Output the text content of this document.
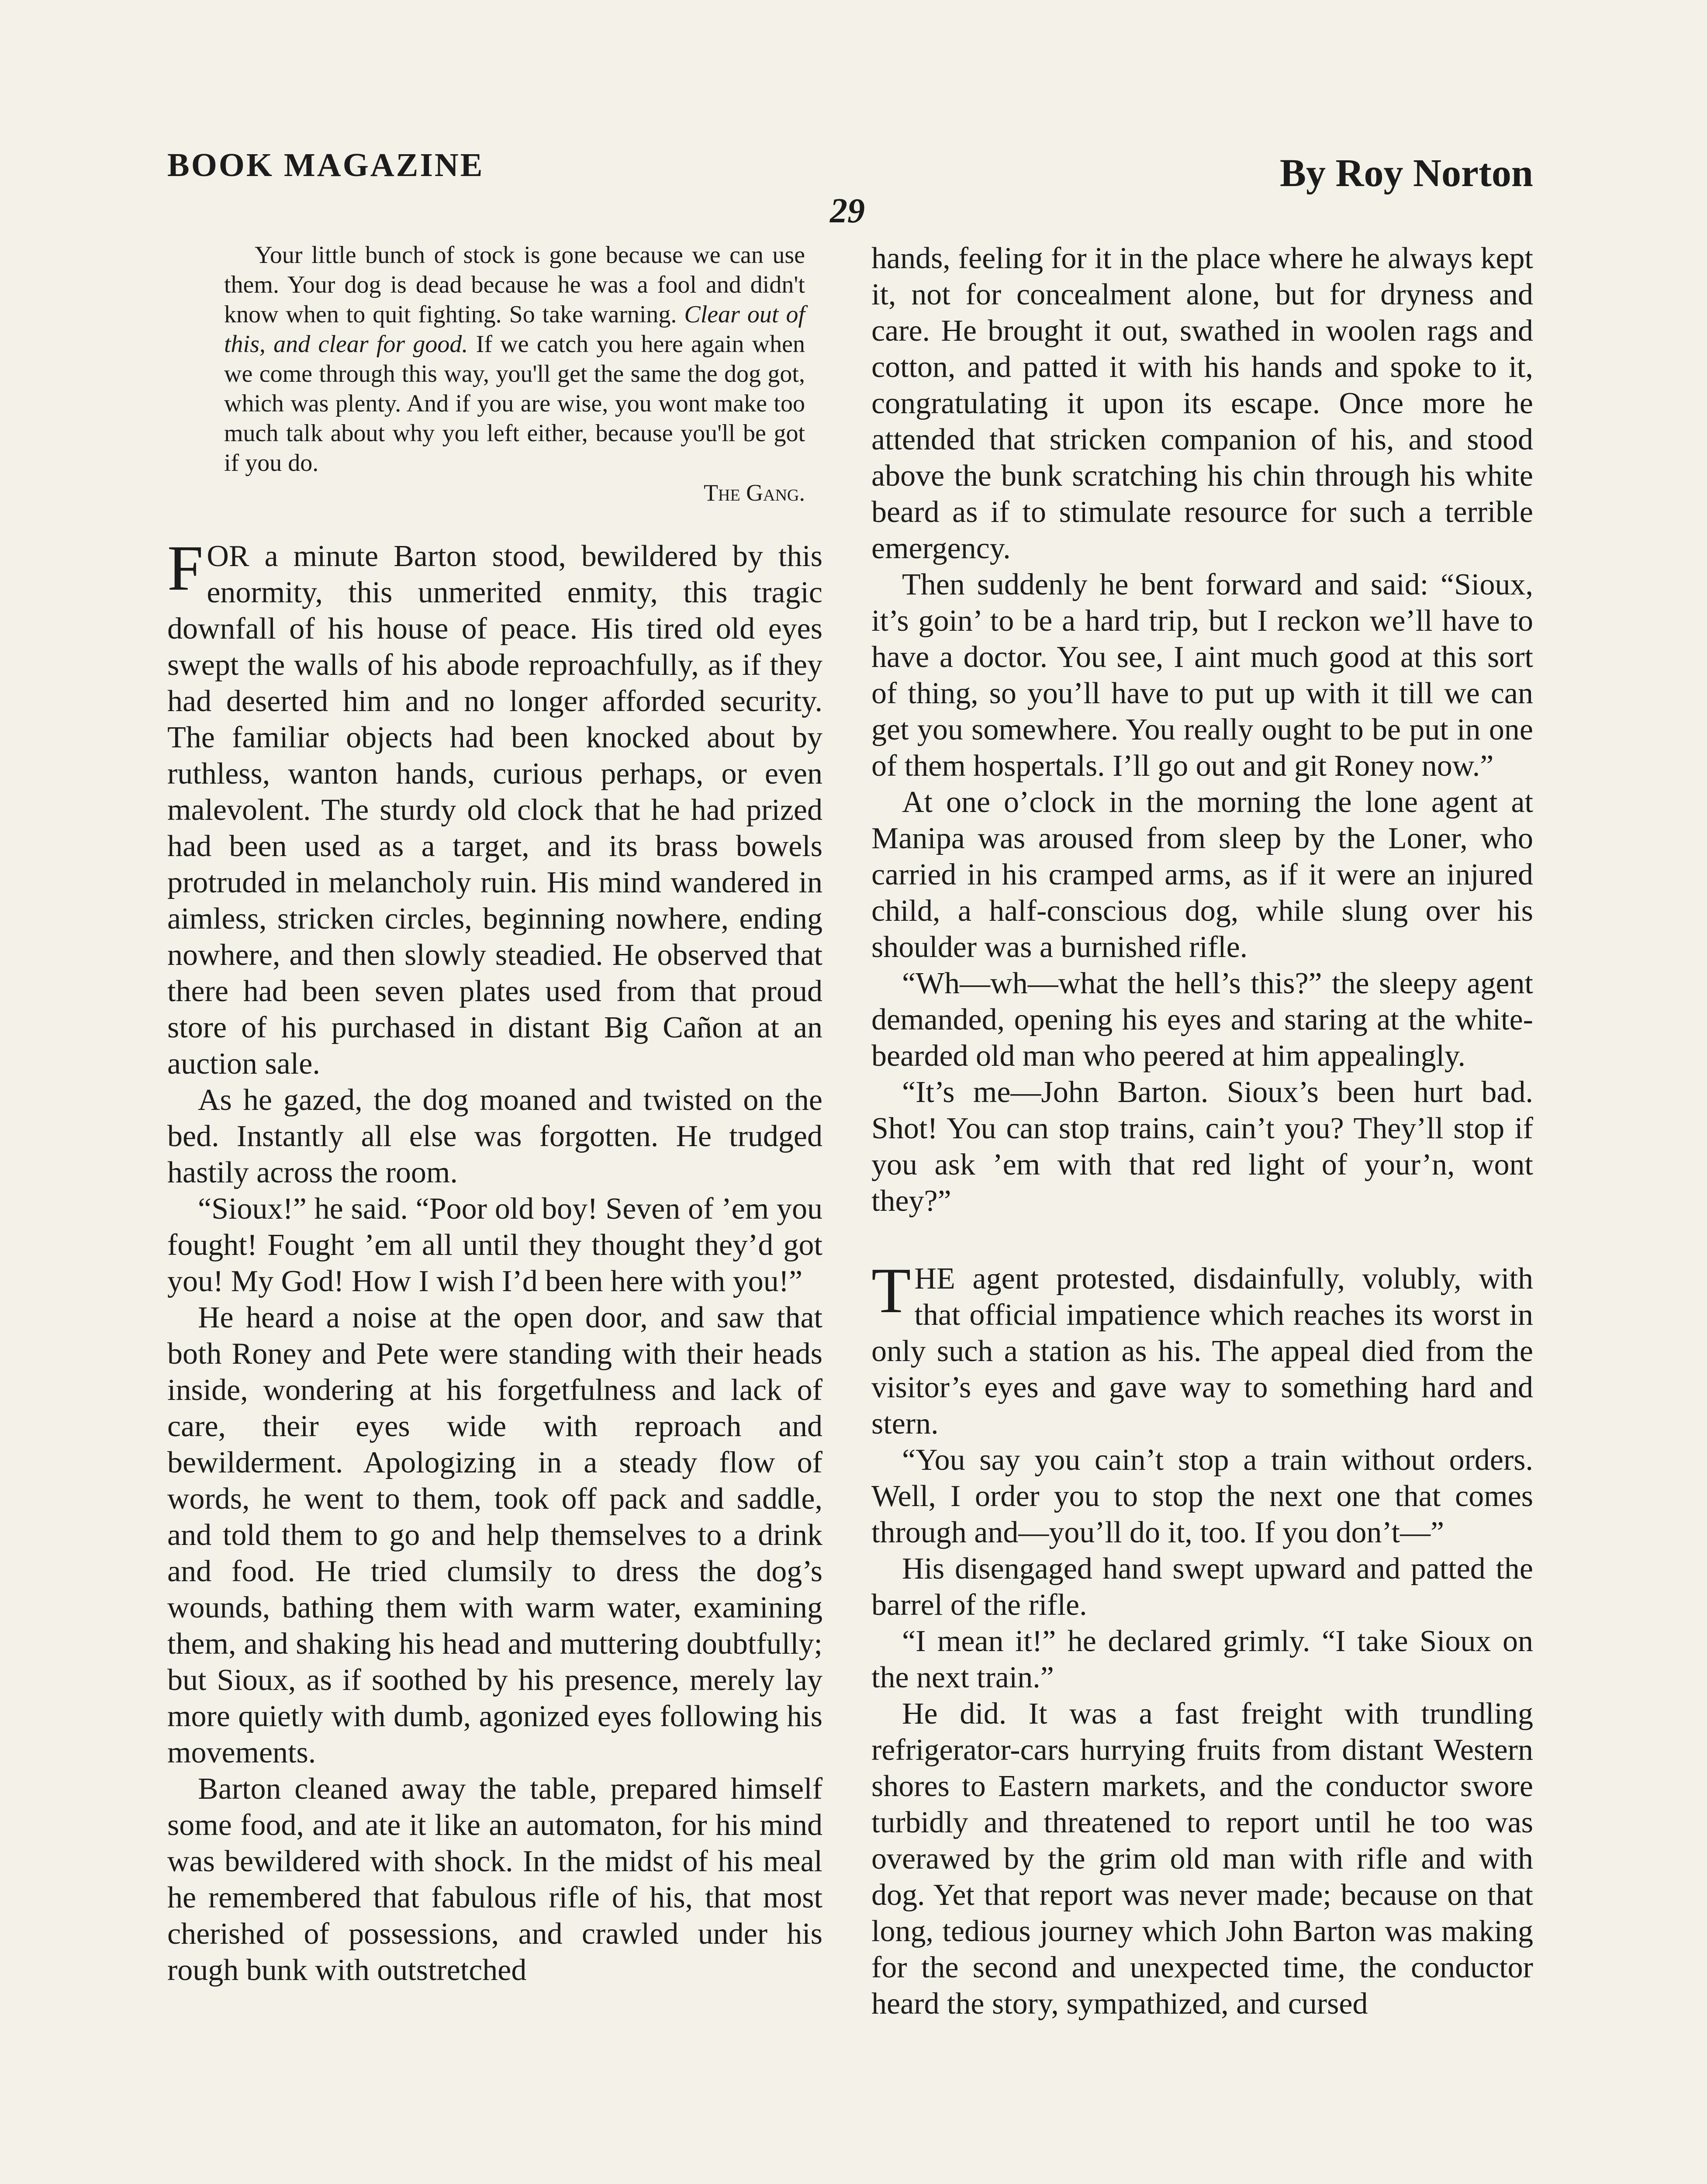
BOOK MAGAZINE	By Roy Norton
29

Your little bunch of stock is gone because we can use them. Your dog is dead because he was a fool and didn't know when to quit fighting. So take warning. Clear out of this, and clear for good. If we catch you here again when we come through this way, you'll get the same the dog got, which was plenty. And if you are wise, you wont make too much talk about why you left either, because you'll be got if you do.

The Gang.

FOR a minute Barton stood, bewildered by this enormity, this unmerited enmity, this tragic downfall of his house of peace. His tired old eyes swept the walls of his abode reproachfully, as if they had deserted him and no longer afforded security. The familiar objects had been knocked about by ruthless, wanton hands, curious perhaps, or even malevolent. The sturdy old clock that he had prized had been used as a target, and its brass bowels protruded in melancholy ruin. His mind wandered in aimless, stricken circles, beginning nowhere, ending nowhere, and then slowly steadied. He observed that there had been seven plates used from that proud store of his purchased in distant Big Cañon at an auction sale.

As he gazed, the dog moaned and twisted on the bed. Instantly all else was forgotten. He trudged hastily across the room.

“Sioux!” he said. “Poor old boy! Seven of ’em you fought! Fought ’em all until they thought they’d got you! My God! How I wish I’d been here with you!”

He heard a noise at the open door, and saw that both Roney and Pete were standing with their heads inside, wondering at his forgetfulness and lack of care, their eyes wide with reproach and bewilderment. Apologizing in a steady flow of words, he went to them, took off pack and saddle, and told them to go and help themselves to a drink and food. He tried clumsily to dress the dog’s wounds, bathing them with warm water, examining them, and shaking his head and muttering doubtfully; but Sioux, as if soothed by his presence, merely lay more quietly with dumb, agonized eyes following his movements.

Barton cleaned away the table, prepared himself some food, and ate it like an automaton, for his mind was bewildered with shock. In the midst of his meal he remembered that fabulous rifle of his, that most cherished of possessions, and crawled under his rough bunk with outstretched

hands, feeling for it in the place where he always kept it, not for concealment alone, but for dryness and care. He brought it out, swathed in woolen rags and cotton, and patted it with his hands and spoke to it, congratulating it upon its escape. Once more he attended that stricken companion of his, and stood above the bunk scratching his chin through his white beard as if to stimulate resource for such a terrible emergency.

Then suddenly he bent forward and said: “Sioux, it’s goin’ to be a hard trip, but I reckon we’ll have to have a doctor. You see, I aint much good at this sort of thing, so you’ll have to put up with it till we can get you somewhere. You really ought to be put in one of them hospertals. I’ll go out and git Roney now.”

At one o’clock in the morning the lone agent at Manipa was aroused from sleep by the Loner, who carried in his cramped arms, as if it were an injured child, a half-conscious dog, while slung over his shoulder was a burnished rifle.

“Wh—wh—what the hell’s this?” the sleepy agent demanded, opening his eyes and staring at the white-bearded old man who peered at him appealingly.

“It’s me—John Barton. Sioux’s been hurt bad. Shot! You can stop trains, cain’t you? They’ll stop if you ask ’em with that red light of your’n, wont they?”

THE agent protested, disdainfully, volubly, with that official impatience which reaches its worst in only such a station as his. The appeal died from the visitor’s eyes and gave way to something hard and stern.

“You say you cain’t stop a train without orders. Well, I order you to stop the next one that comes through and—you’ll do it, too. If you don’t—”

His disengaged hand swept upward and patted the barrel of the rifle.

“I mean it!” he declared grimly. “I take Sioux on the next train.”

He did. It was a fast freight with trundling refrigerator-cars hurrying fruits from distant Western shores to Eastern markets, and the conductor swore turbidly and threatened to report until he too was overawed by the grim old man with rifle and with dog. Yet that report was never made; because on that long, tedious journey which John Barton was making for the second and unexpected time, the conductor heard the story, sympathized, and cursed
